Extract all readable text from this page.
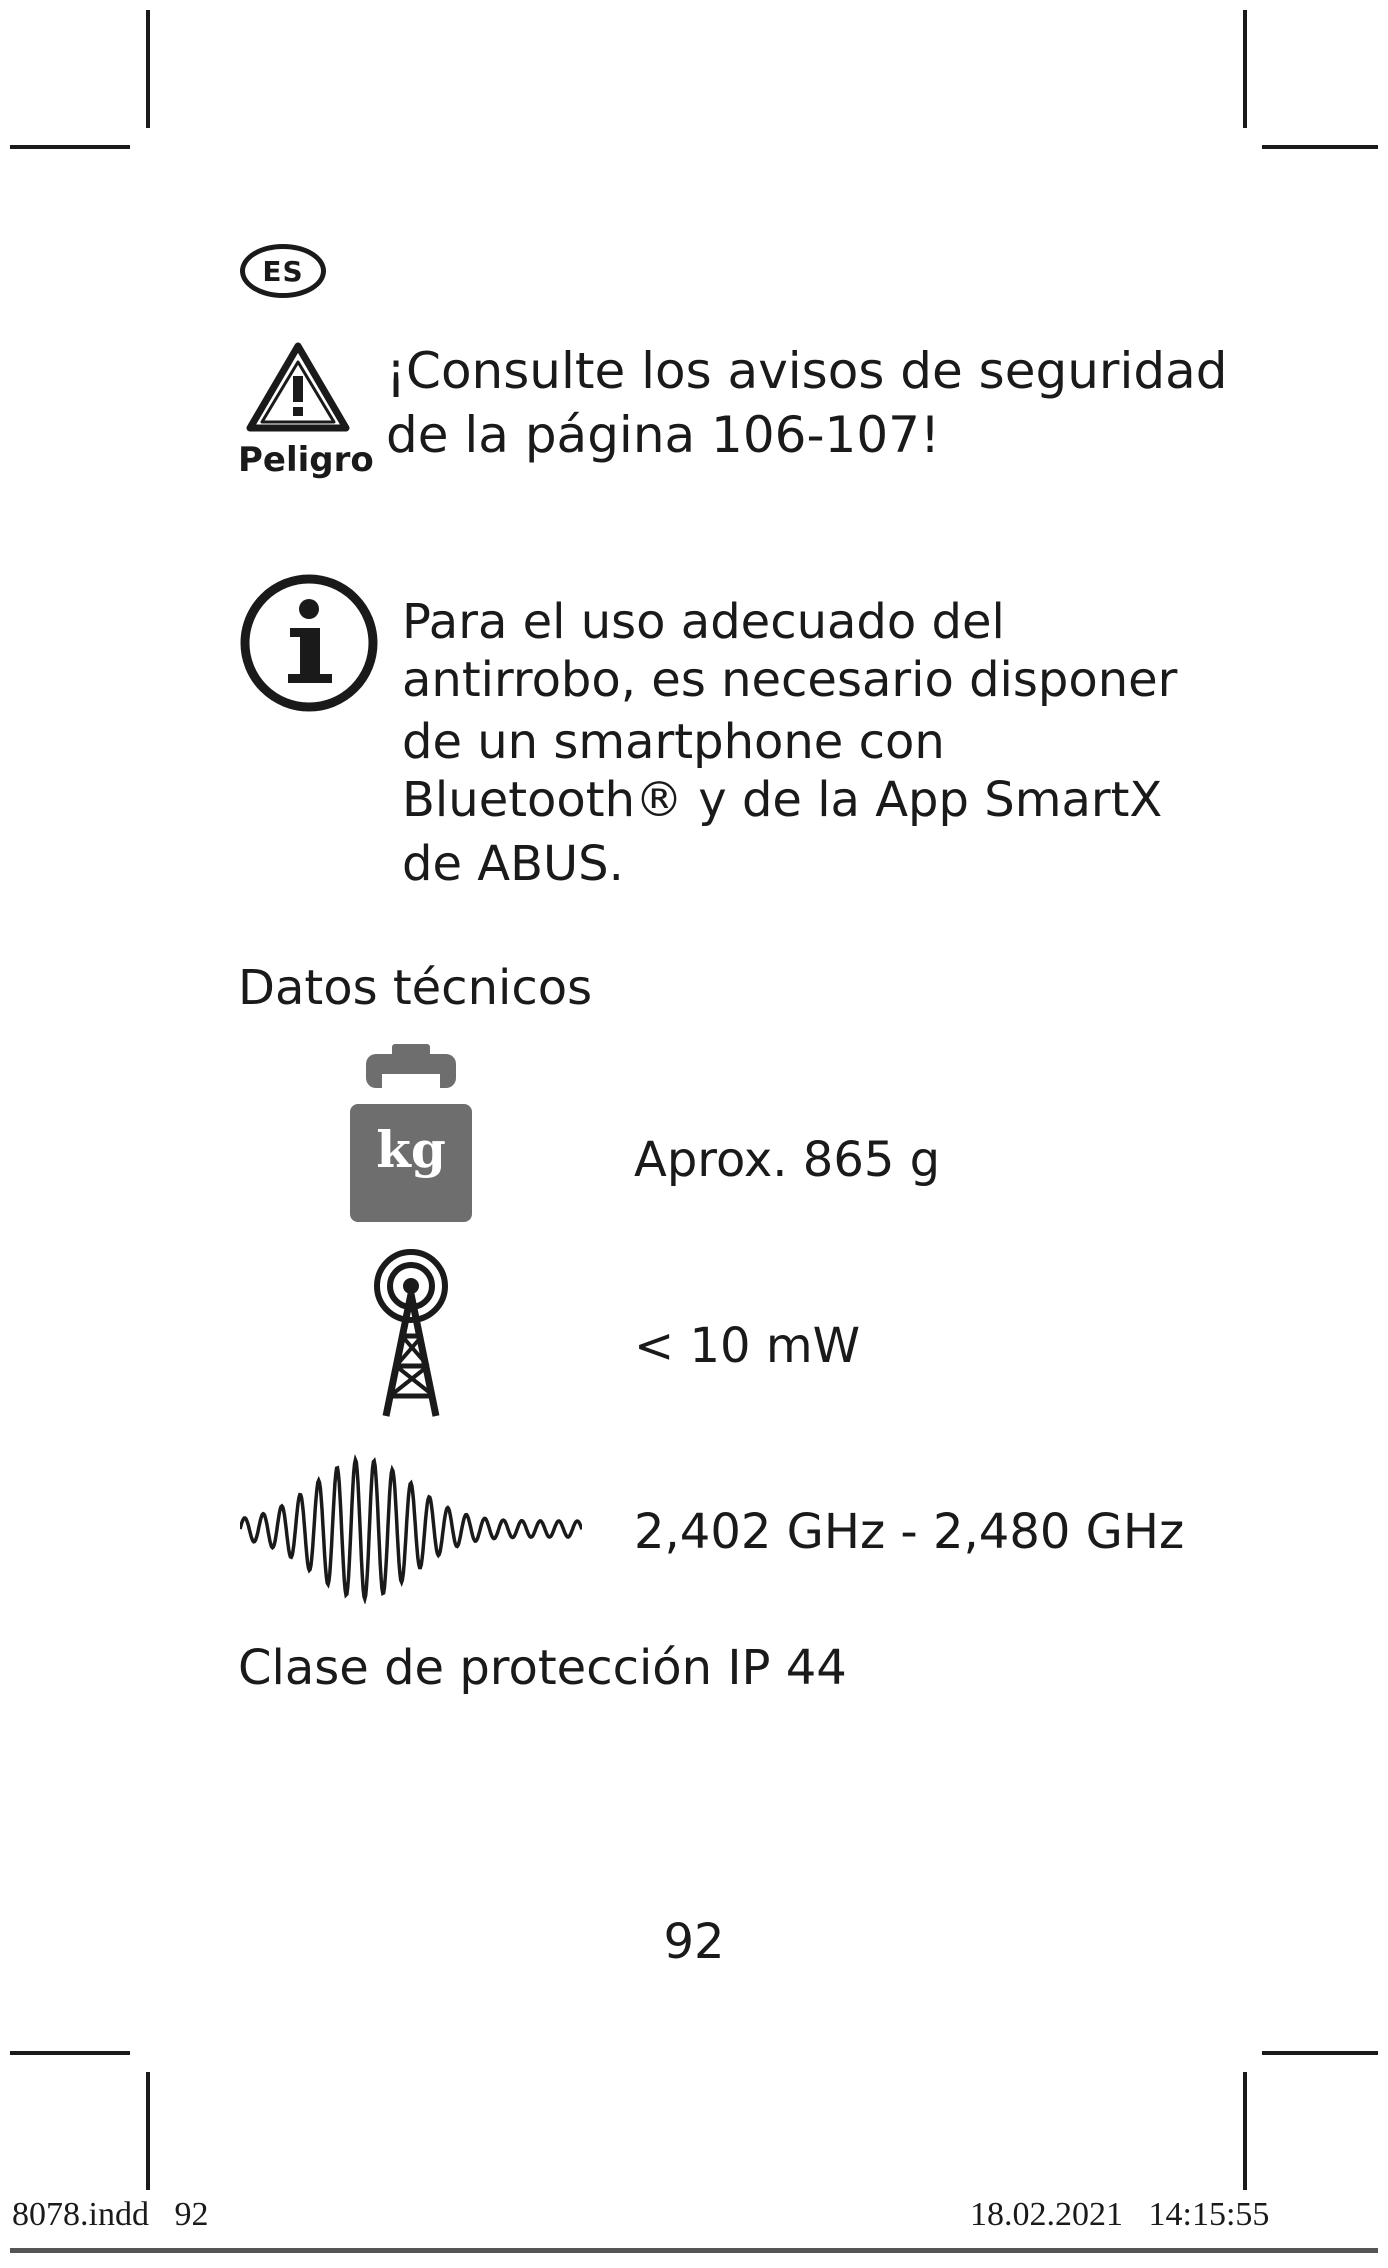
ES
Peligro
¡Consulte los avisos de seguridad
de la página 106-107!
Para el uso adecuado del
antirrobo, es necesario disponer
de un smartphone con
Bluetooth® y de la App SmartX
de ABUS.
Datos técnicos
kg	Aprox. 865 g
< 10 mW
2,402 GHz - 2,480 GHz
Clase de protección IP 44
92
8078.indd   92	18.02.2021   14:15:55
